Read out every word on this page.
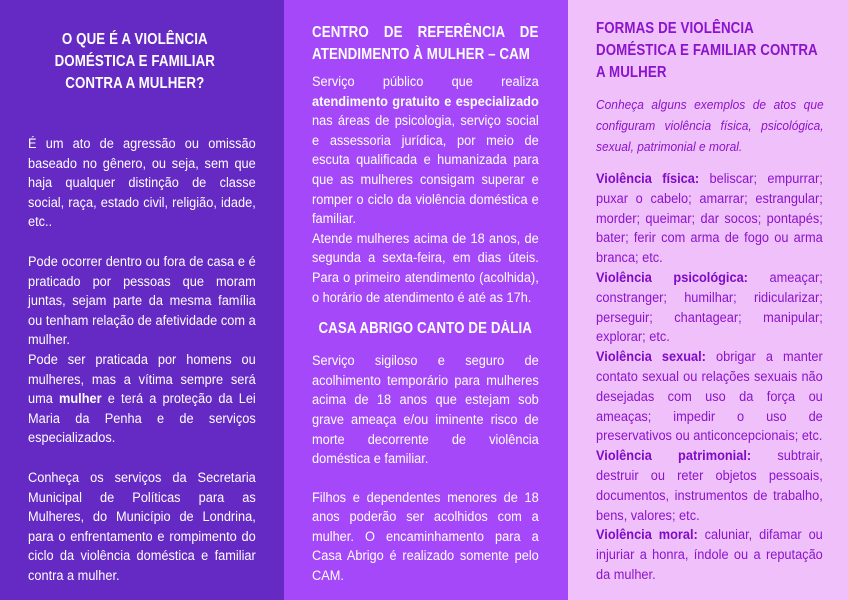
O QUE É A VIOLÊNCIA DOMÉSTICA E FAMILIAR CONTRA A MULHER?

É um ato de agressão ou omissão baseado no gênero, ou seja, sem que haja qualquer distinção de classe social, raça, estado civil, religião, idade, etc..

Pode ocorrer dentro ou fora de casa e é praticado por pessoas que moram juntas, sejam parte da mesma família ou tenham relação de afetividade com a mulher.

Pode ser praticada por homens ou mulheres, mas a vítima sempre será uma mulher e terá a proteção da Lei Maria da Penha e de serviços especializados.

Conheça os serviços da Secretaria Municipal de Políticas para as Mulheres, do Município de Londrina, para o enfrentamento e rompimento do ciclo da violência doméstica e familiar contra a mulher.

CENTRO DE REFERÊNCIA DE ATENDIMENTO À MULHER – CAM

Serviço público que realiza atendimento gratuito e especializado nas áreas de psicologia, serviço social e assessoria jurídica, por meio de escuta qualificada e humanizada para que as mulheres consigam superar e romper o ciclo da violência doméstica e familiar.

Atende mulheres acima de 18 anos, de segunda a sexta-feira, em dias úteis. Para o primeiro atendimento (acolhida), o horário de atendimento é até as 17h.

CASA ABRIGO CANTO DE DÁLIA

Serviço sigiloso e seguro de acolhimento temporário para mulheres acima de 18 anos que estejam sob grave ameaça e/ou iminente risco de morte decorrente de violência doméstica e familiar.

Filhos e dependentes menores de 18 anos poderão ser acolhidos com a mulher. O encaminhamento para a Casa Abrigo é realizado somente pelo CAM.

FORMAS DE VIOLÊNCIA DOMÉSTICA E FAMILIAR CONTRA A MULHER
Conheça alguns exemplos de atos que configuram violência física, psicológica, sexual, patrimonial e moral.

Violência física: beliscar; empurrar; puxar o cabelo; amarrar; estrangular; morder; queimar; dar socos; pontapés; bater; ferir com arma de fogo ou arma branca; etc.

Violência psicológica: ameaçar; constranger; humilhar; ridicularizar; perseguir; chantagear; manipular; explorar; etc.

Violência sexual: obrigar a manter contato sexual ou relações sexuais não desejadas com uso da força ou ameaças; impedir o uso de preservativos ou anticoncepcionais; etc.

Violência patrimonial: subtrair, destruir ou reter objetos pessoais, documentos, instrumentos de trabalho, bens, valores; etc.

Violência moral: caluniar, difamar ou injuriar a honra, índole ou a reputação da mulher.
